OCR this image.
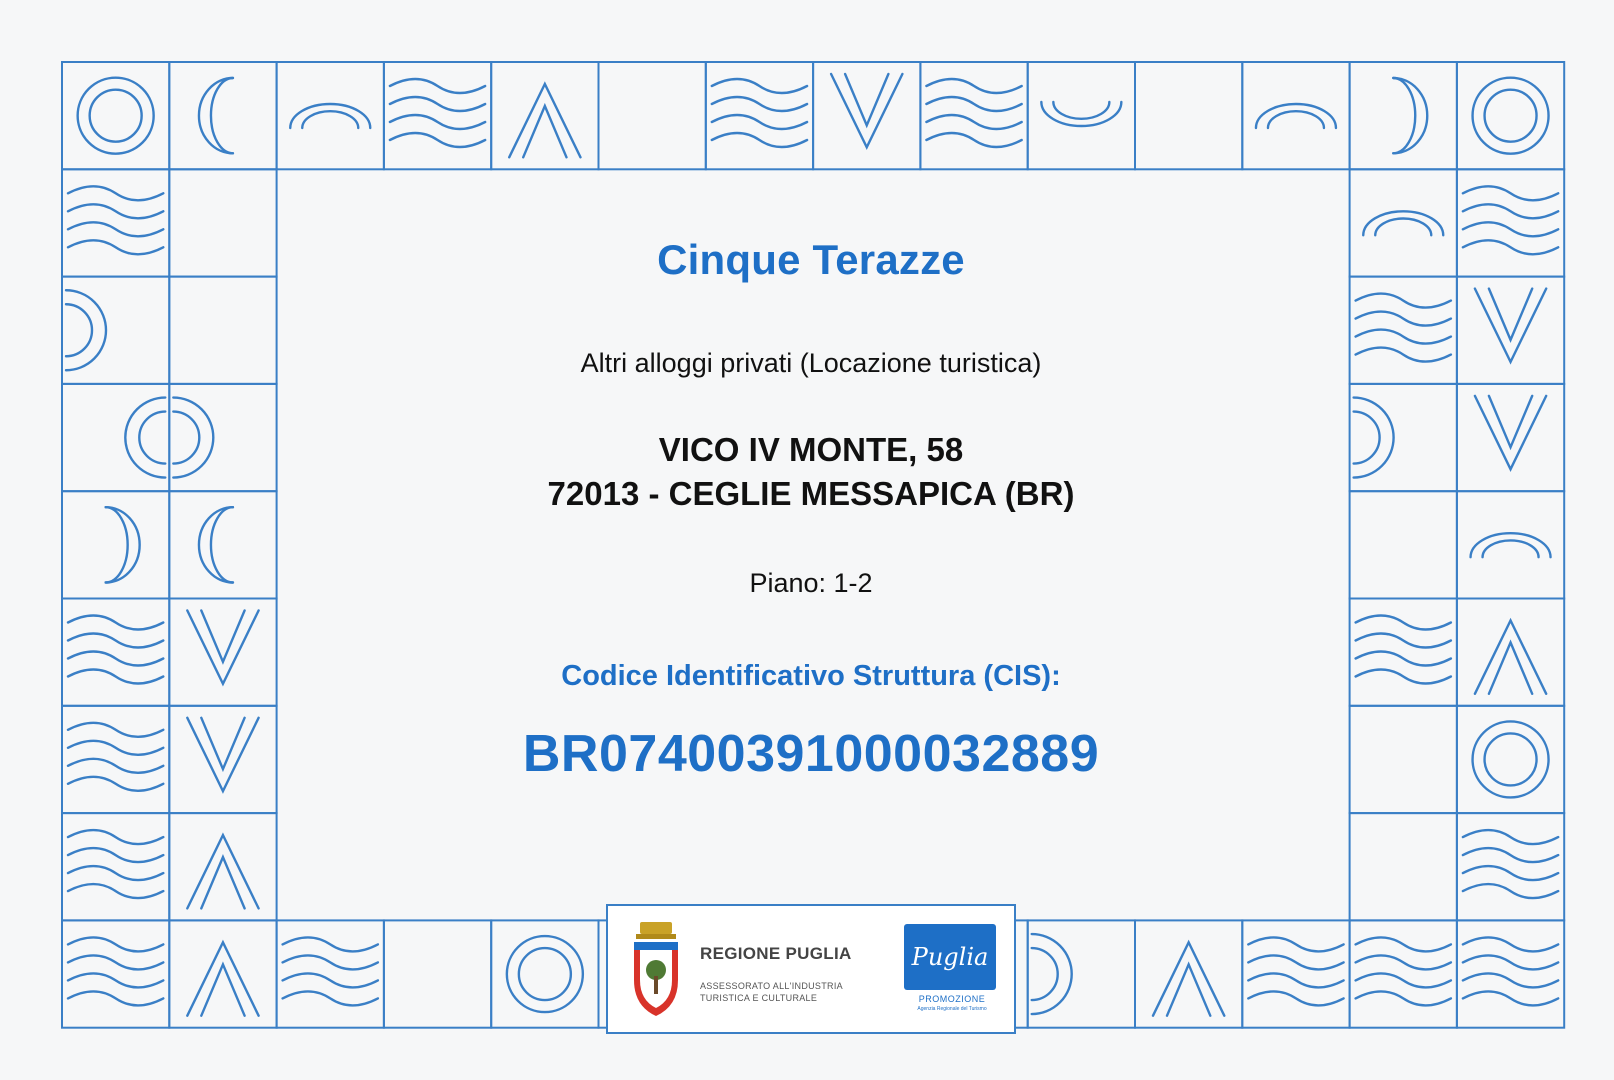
Cinque Terazze
Altri alloggi privati (Locazione turistica)
VICO IV MONTE, 58
72013 - CEGLIE MESSAPICA (BR)
Piano: 1-2
Codice Identificativo Struttura (CIS):
BR07400391000032889
REGIONE PUGLIA
ASSESSORATO ALL'INDUSTRIA
TURISTICA E CULTURALE
Puglia
PROMOZIONE
Agenzia Regionale del Turismo
